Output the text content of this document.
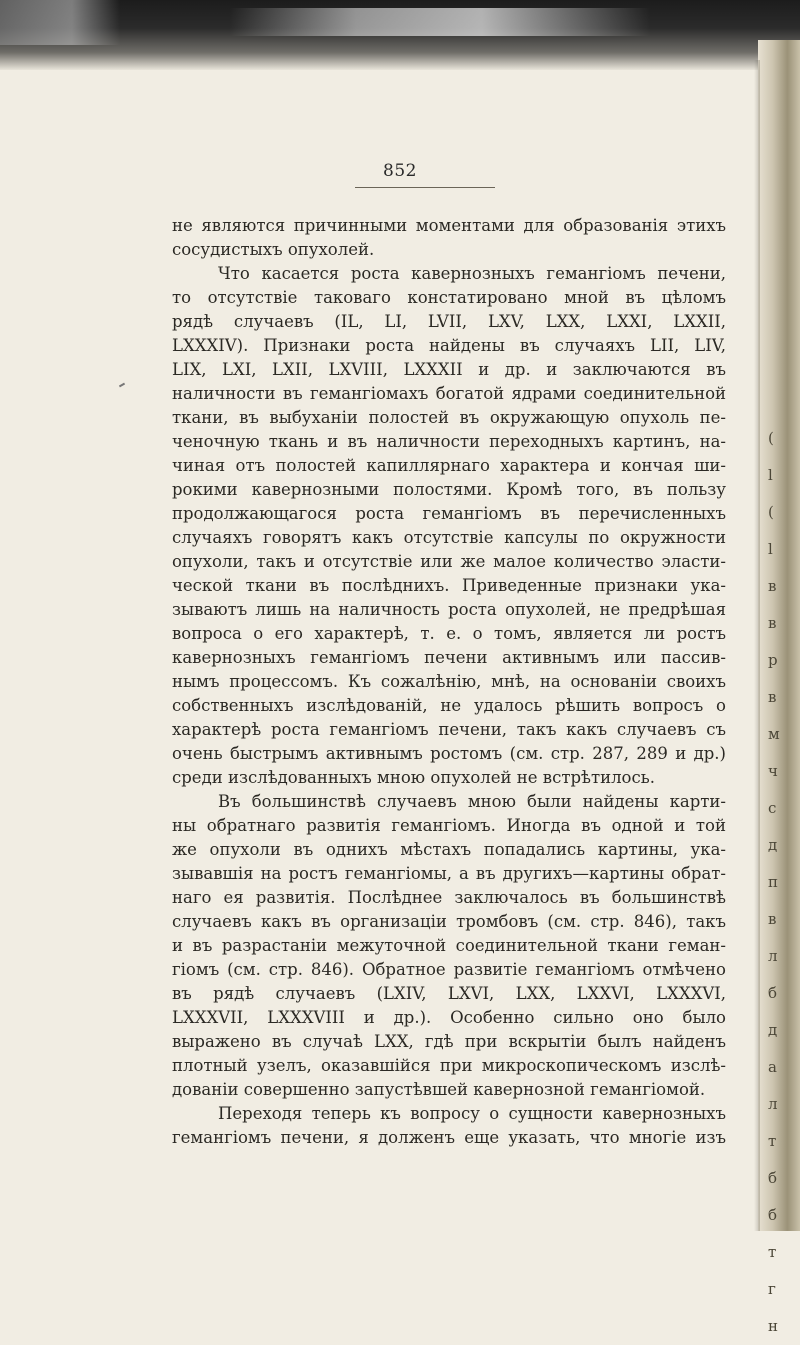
(
l
(
l
в
в
р
в
м
ч
с
д
п
в
л
б
д
а
л
т
б
б
т
г
н
852
не являются причинными моментами для образованія этихъ
сосудистыхъ опухолей.
Что касается роста кавернозныхъ гемангіомъ печени,
то отсутствіе таковаго констатировано мной въ цѣломъ
рядѣ случаевъ (IL, LI, LVII, LXV, LXX, LXXI, LXXII,
LXXXIV). Признаки роста найдены въ случаяхъ LII, LIV,
LIX, LXI, LXII, LXVIII, LXXXII и др. и заключаются въ
наличности въ гемангіомахъ богатой ядрами соединительной
ткани, въ выбуханіи полостей въ окружающую опухоль пе-
ченочную ткань и въ наличности переходныхъ картинъ, на-
чиная отъ полостей капиллярнаго характера и кончая ши-
рокими кавернозными полостями. Кромѣ того, въ пользу
продолжающагося роста гемангіомъ въ перечисленныхъ
случаяхъ говорятъ какъ отсутствіе капсулы по окружности
опухоли, такъ и отсутствіе или же малое количество эласти-
ческой ткани въ послѣднихъ. Приведенные признаки ука-
зываютъ лишь на наличность роста опухолей, не предрѣшая
вопроса о его характерѣ, т. е. о томъ, является ли ростъ
кавернозныхъ гемангіомъ печени активнымъ или пассив-
нымъ процессомъ. Къ сожалѣнію, мнѣ, на основаніи своихъ
собственныхъ изслѣдованій, не удалось рѣшить вопросъ о
характерѣ роста гемангіомъ печени, такъ какъ случаевъ съ
очень быстрымъ активнымъ ростомъ (см. стр. 287, 289 и др.)
среди изслѣдованныхъ мною опухолей не встрѣтилось.
Въ большинствѣ случаевъ мною были найдены карти-
ны обратнаго развитія гемангіомъ. Иногда въ одной и той
же опухоли въ однихъ мѣстахъ попадались картины, ука-
зывавшія на ростъ гемангіомы, а въ другихъ—картины обрат-
наго ея развитія. Послѣднее заключалось въ большинствѣ
случаевъ какъ въ организаціи тромбовъ (см. стр. 846), такъ
и въ разрастаніи межуточной соединительной ткани геман-
гіомъ (см. стр. 846). Обратное развитіе гемангіомъ отмѣчено
въ рядѣ случаевъ (LXIV, LXVI, LXX, LXXVI, LXXXVI,
LXXXVII, LXXXVIII и др.). Особенно сильно оно было
выражено въ случаѣ LXX, гдѣ при вскрытіи былъ найденъ
плотный узелъ, оказавшійся при микроскопическомъ изслѣ-
дованіи совершенно запустѣвшей кавернозной гемангіомой.
Переходя теперь къ вопросу о сущности кавернозныхъ
гемангіомъ печени, я долженъ еще указать, что многіе изъ
